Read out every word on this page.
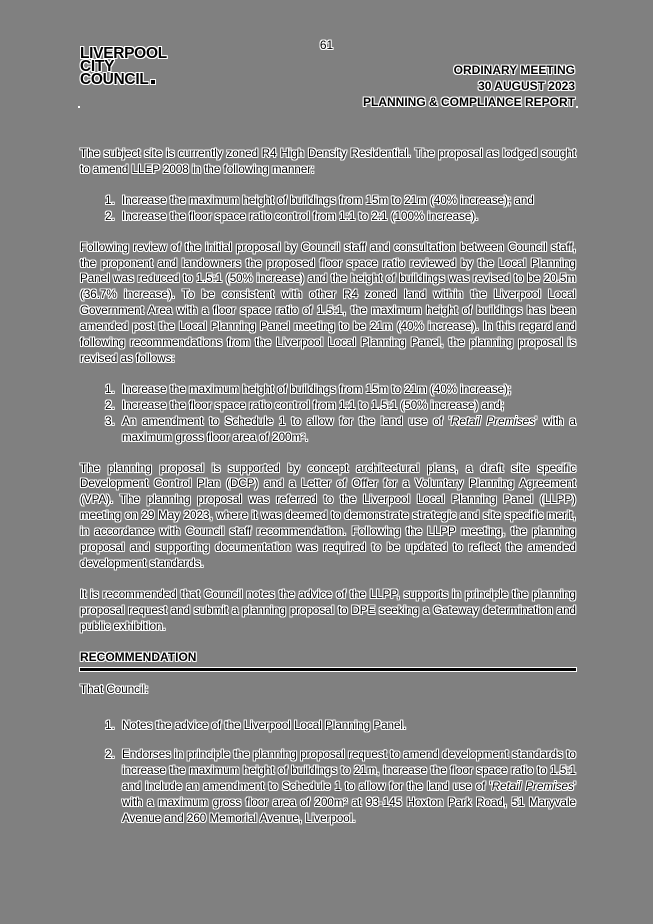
61
LIVERPOOL
CITY
COUNCIL
ORDINARY MEETING
30 AUGUST 2023
PLANNING & COMPLIANCE REPORT

The subject site is currently zoned R4 High Density Residential. The proposal as lodged sought to amend LLEP 2008 in the following manner:

1. Increase the maximum height of buildings from 15m to 21m (40% increase); and
2. Increase the floor space ratio control from 1:1 to 2:1 (100% increase).

Following review of the initial proposal by Council staff and consultation between Council staff, the proponent and landowners the proposed floor space ratio reviewed by the Local Planning Panel was reduced to 1.5:1 (50% increase) and the height of buildings was revised to be 20.5m (36.7% increase). To be consistent with other R4 zoned land within the Liverpool Local Government Area with a floor space ratio of 1.5:1, the maximum height of buildings has been amended post the Local Planning Panel meeting to be 21m (40% increase). In this regard and following recommendations from the Liverpool Local Planning Panel, the planning proposal is revised as follows:

1. Increase the maximum height of buildings from 15m to 21m (40% increase);
2. Increase the floor space ratio control from 1:1 to 1.5:1 (50% increase) and;
3. An amendment to Schedule 1 to allow for the land use of 'Retail Premises' with a maximum gross floor area of 200m².

The planning proposal is supported by concept architectural plans, a draft site specific Development Control Plan (DCP) and a Letter of Offer for a Voluntary Planning Agreement (VPA). The planning proposal was referred to the Liverpool Local Planning Panel (LLPP) meeting on 29 May 2023, where it was deemed to demonstrate strategic and site specific merit, in accordance with Council staff recommendation. Following the LLPP meeting, the planning proposal and supporting documentation was required to be updated to reflect the amended development standards.

It is recommended that Council notes the advice of the LLPP, supports in principle the planning proposal request and submit a planning proposal to DPE seeking a Gateway determination and public exhibition.

RECOMMENDATION

That Council:

1. Notes the advice of the Liverpool Local Planning Panel.
2. Endorses in principle the planning proposal request to amend development standards to increase the maximum height of buildings to 21m, increase the floor space ratio to 1.5:1 and include an amendment to Schedule 1 to allow for the land use of 'Retail Premises' with a maximum gross floor area of 200m² at 93-145 Hoxton Park Road, 51 Maryvale Avenue and 260 Memorial Avenue, Liverpool.
